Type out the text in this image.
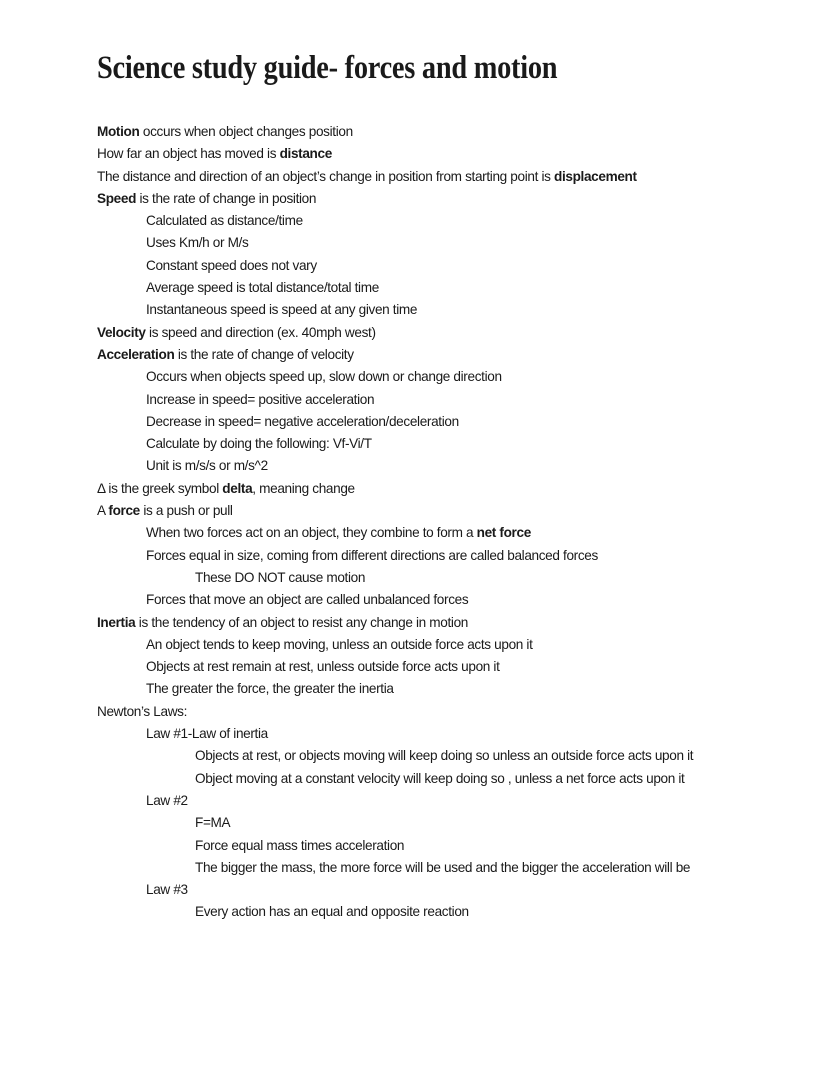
Science study guide- forces and motion
Motion occurs when object changes position
How far an object has moved is distance
The distance and direction of an object’s change in position from starting point is displacement
Speed is the rate of change in position
Calculated as distance/time
Uses Km/h or M/s
Constant speed does not vary
Average speed is total distance/total time
Instantaneous speed is speed at any given time
Velocity is speed and direction (ex. 40mph west)
Acceleration is the rate of change of velocity
Occurs when objects speed up, slow down or change direction
Increase in speed= positive acceleration
Decrease in speed= negative acceleration/deceleration
Calculate by doing the following: Vf-Vi/T
Unit is m/s/s or m/s^2
Δ is the greek symbol delta, meaning change
A force is a push or pull
When two forces act on an object, they combine to form a net force
Forces equal in size, coming from different directions are called balanced forces
These DO NOT cause motion
Forces that move an object are called unbalanced forces
Inertia is the tendency of an object to resist any change in motion
An object tends to keep moving, unless an outside force acts upon it
Objects at rest remain at rest, unless outside force acts upon it
The greater the force, the greater the inertia
Newton’s Laws:
Law #1-Law of inertia
Objects at rest, or objects moving will keep doing so unless an outside force acts upon it
Object moving at a constant velocity will keep doing so , unless a net force acts upon it
Law #2
F=MA
Force equal mass times acceleration
The bigger the mass, the more force will be used and the bigger the acceleration will be
Law #3
Every action has an equal and opposite reaction
